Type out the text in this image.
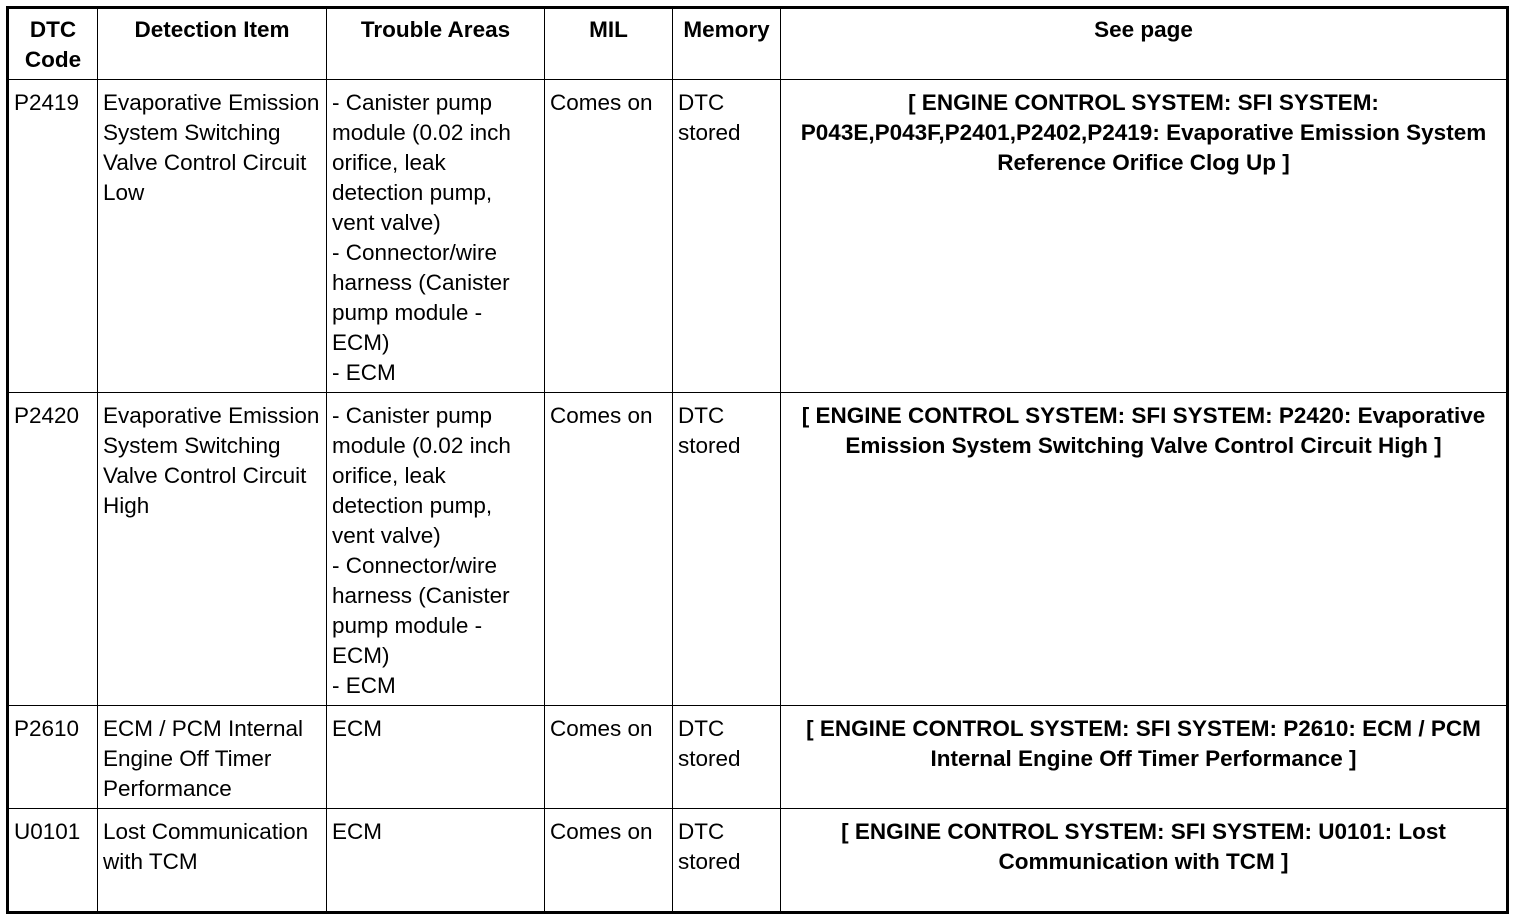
DTC
Code	Detection Item	Trouble Areas	MIL	Memory	See page
P2419	Evaporative Emission System Switching Valve Control Circuit Low	- Canister pump module (0.02 inch orifice, leak detection pump, vent valve)
- Connector/wire harness (Canister pump module - ECM)
- ECM	Comes on	DTC stored	[ ENGINE CONTROL SYSTEM: SFI SYSTEM: P043E,P043F,P2401,P2402,P2419: Evaporative Emission System Reference Orifice Clog Up ]
P2420	Evaporative Emission System Switching Valve Control Circuit High	- Canister pump module (0.02 inch orifice, leak detection pump, vent valve)
- Connector/wire harness (Canister pump module - ECM)
- ECM	Comes on	DTC stored	[ ENGINE CONTROL SYSTEM: SFI SYSTEM: P2420: Evaporative Emission System Switching Valve Control Circuit High ]
P2610	ECM / PCM Internal Engine Off Timer Performance	ECM	Comes on	DTC stored	[ ENGINE CONTROL SYSTEM: SFI SYSTEM: P2610: ECM / PCM Internal Engine Off Timer Performance ]
U0101	Lost Communication with TCM	ECM	Comes on	DTC stored	[ ENGINE CONTROL SYSTEM: SFI SYSTEM: U0101: Lost Communication with TCM ]
